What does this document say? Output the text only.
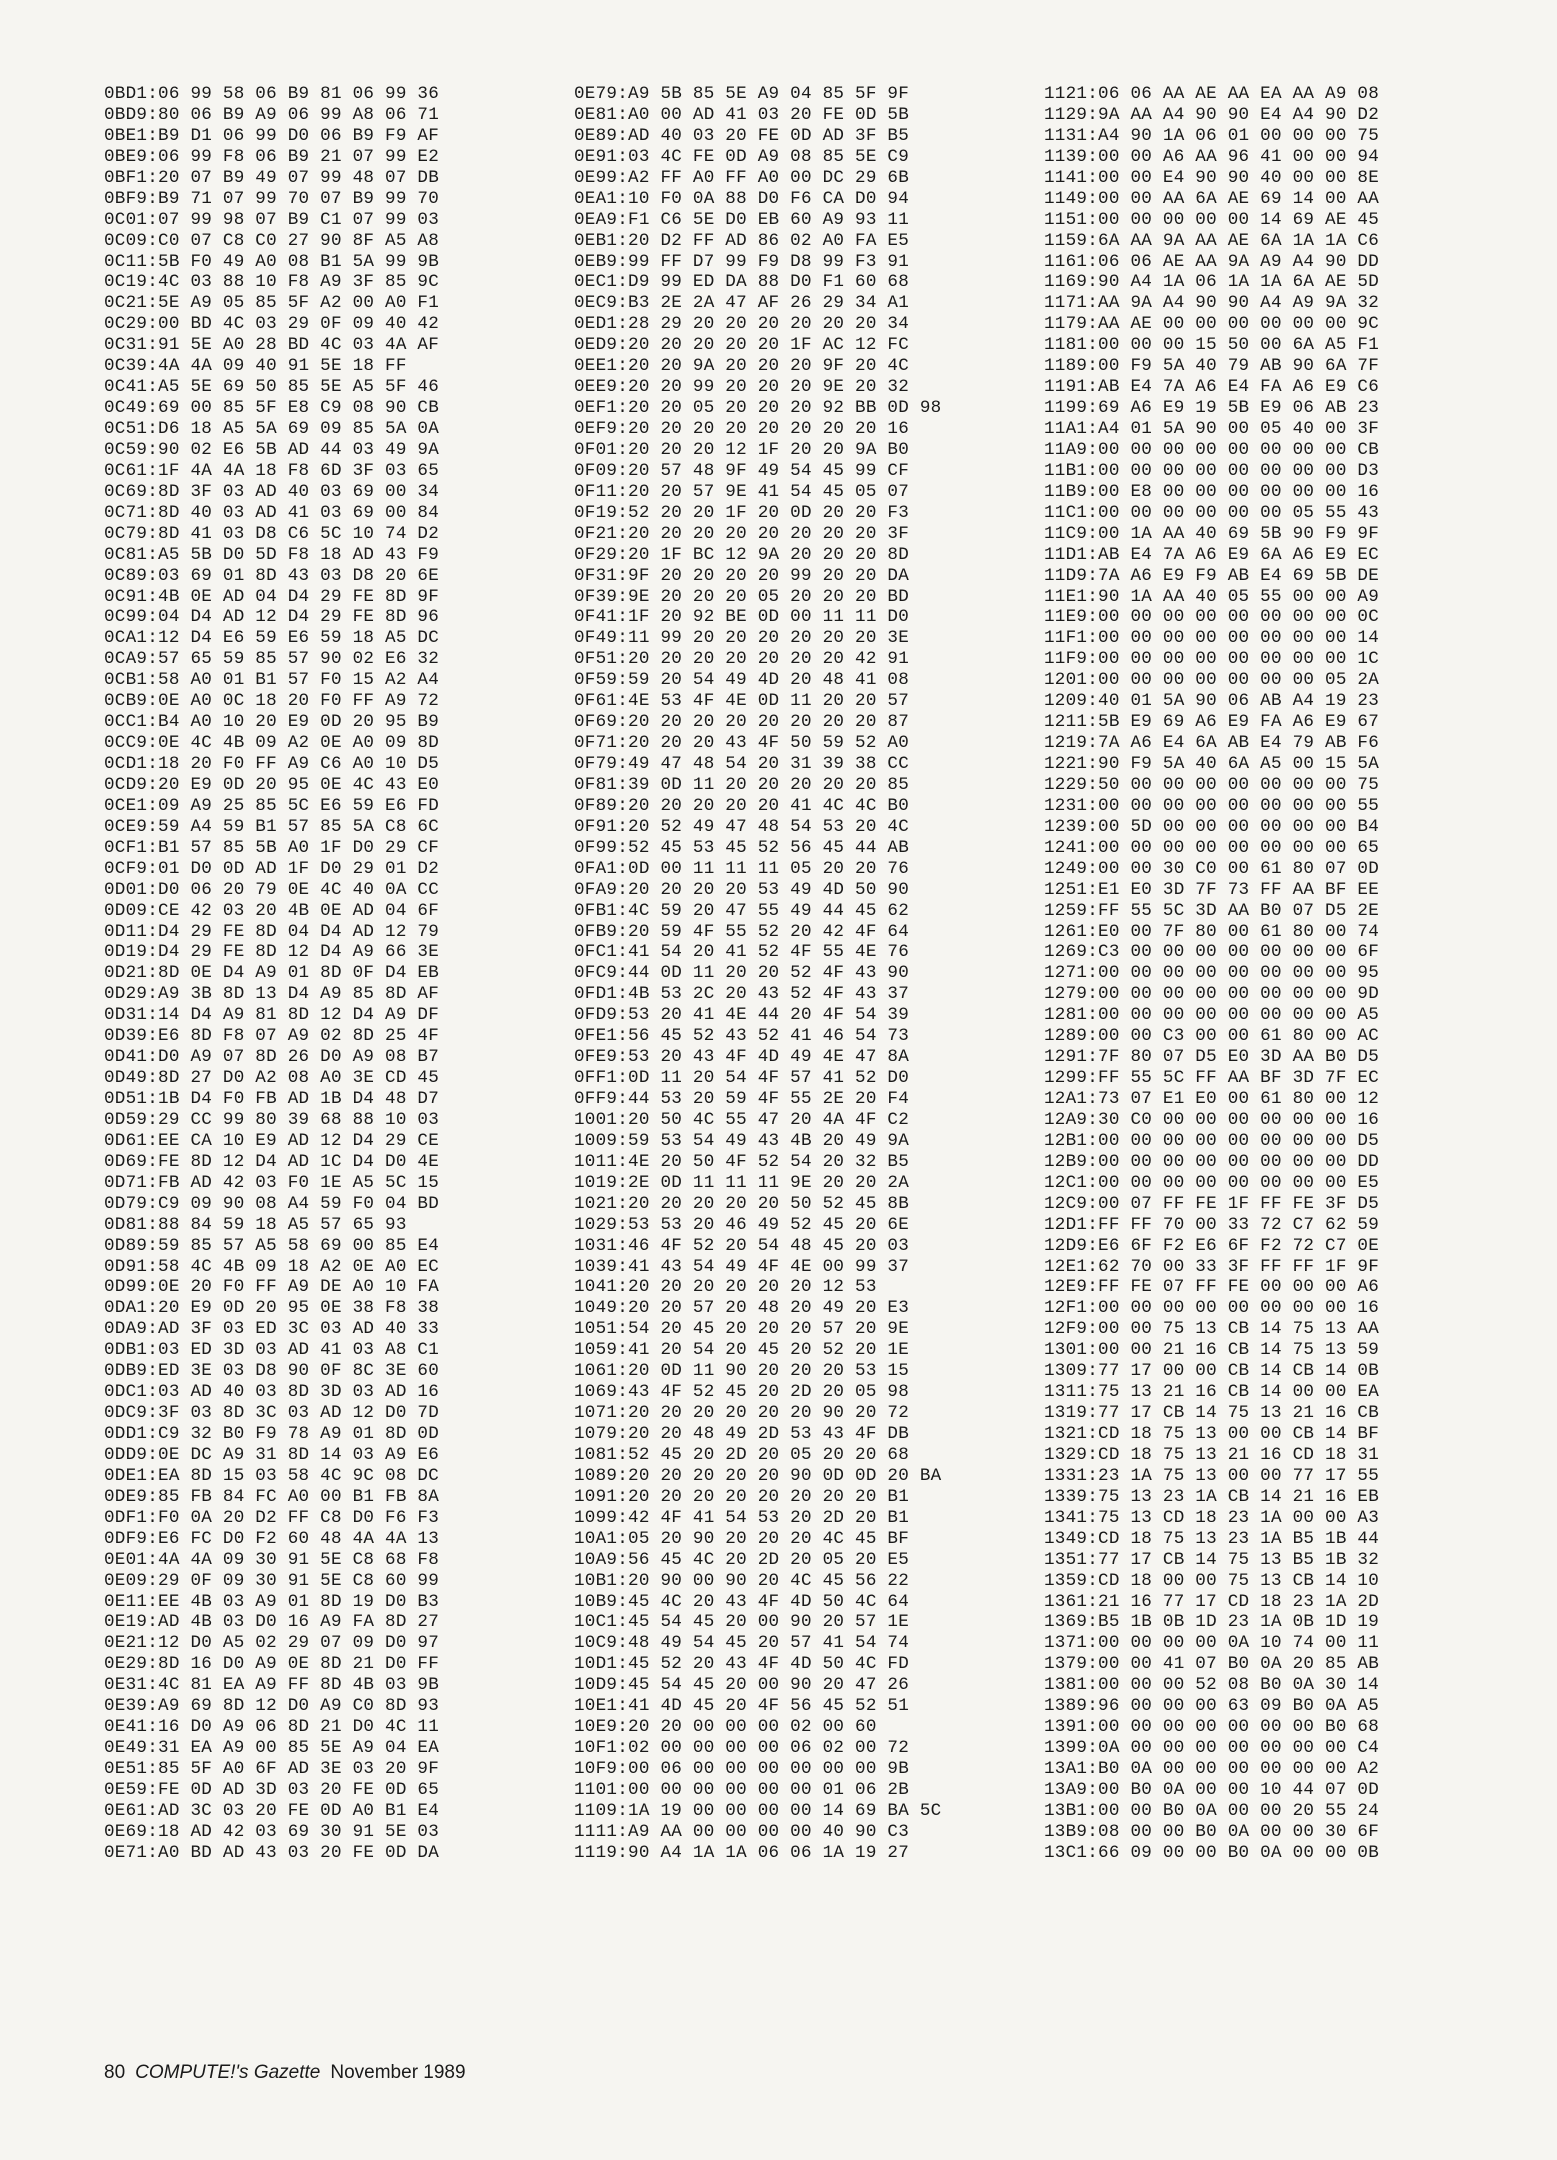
0BD1:06 99 58 06 B9 81 06 99 36
0BD9:80 06 B9 A9 06 99 A8 06 71
0BE1:B9 D1 06 99 D0 06 B9 F9 AF
0BE9:06 99 F8 06 B9 21 07 99 E2
0BF1:20 07 B9 49 07 99 48 07 DB
0BF9:B9 71 07 99 70 07 B9 99 70
0C01:07 99 98 07 B9 C1 07 99 03
0C09:C0 07 C8 C0 27 90 8F A5 A8
0C11:5B F0 49 A0 08 B1 5A 99 9B
0C19:4C 03 88 10 F8 A9 3F 85 9C
0C21:5E A9 05 85 5F A2 00 A0 F1
0C29:00 BD 4C 03 29 0F 09 40 42
0C31:91 5E A0 28 BD 4C 03 4A AF
0C39:4A 4A 09 40 91 5E 18 FF
0C41:A5 5E 69 50 85 5E A5 5F 46
0C49:69 00 85 5F E8 C9 08 90 CB
0C51:D6 18 A5 5A 69 09 85 5A 0A
0C59:90 02 E6 5B AD 44 03 49 9A
0C61:1F 4A 4A 18 F8 6D 3F 03 65
0C69:8D 3F 03 AD 40 03 69 00 34
0C71:8D 40 03 AD 41 03 69 00 84
0C79:8D 41 03 D8 C6 5C 10 74 D2
0C81:A5 5B D0 5D F8 18 AD 43 F9
0C89:03 69 01 8D 43 03 D8 20 6E
0C91:4B 0E AD 04 D4 29 FE 8D 9F
0C99:04 D4 AD 12 D4 29 FE 8D 96
0CA1:12 D4 E6 59 E6 59 18 A5 DC
0CA9:57 65 59 85 57 90 02 E6 32
0CB1:58 A0 01 B1 57 F0 15 A2 A4
0CB9:0E A0 0C 18 20 F0 FF A9 72
0CC1:B4 A0 10 20 E9 0D 20 95 B9
0CC9:0E 4C 4B 09 A2 0E A0 09 8D
0CD1:18 20 F0 FF A9 C6 A0 10 D5
0CD9:20 E9 0D 20 95 0E 4C 43 E0
0CE1:09 A9 25 85 5C E6 59 E6 FD
0CE9:59 A4 59 B1 57 85 5A C8 6C
0CF1:B1 57 85 5B A0 1F D0 29 CF
0CF9:01 D0 0D AD 1F D0 29 01 D2
0D01:D0 06 20 79 0E 4C 40 0A CC
0D09:CE 42 03 20 4B 0E AD 04 6F
0D11:D4 29 FE 8D 04 D4 AD 12 79
0D19:D4 29 FE 8D 12 D4 A9 66 3E
0D21:8D 0E D4 A9 01 8D 0F D4 EB
0D29:A9 3B 8D 13 D4 A9 85 8D AF
0D31:14 D4 A9 81 8D 12 D4 A9 DF
0D39:E6 8D F8 07 A9 02 8D 25 4F
0D41:D0 A9 07 8D 26 D0 A9 08 B7
0D49:8D 27 D0 A2 08 A0 3E CD 45
0D51:1B D4 F0 FB AD 1B D4 48 D7
0D59:29 CC 99 80 39 68 88 10 03
0D61:EE CA 10 E9 AD 12 D4 29 CE
0D69:FE 8D 12 D4 AD 1C D4 D0 4E
0D71:FB AD 42 03 F0 1E A5 5C 15
0D79:C9 09 90 08 A4 59 F0 04 BD
0D81:88 84 59 18 A5 57 65 93
0D89:59 85 57 A5 58 69 00 85 E4
0D91:58 4C 4B 09 18 A2 0E A0 EC
0D99:0E 20 F0 FF A9 DE A0 10 FA
0DA1:20 E9 0D 20 95 0E 38 F8 38
0DA9:AD 3F 03 ED 3C 03 AD 40 33
0DB1:03 ED 3D 03 AD 41 03 A8 C1
0DB9:ED 3E 03 D8 90 0F 8C 3E 60
0DC1:03 AD 40 03 8D 3D 03 AD 16
0DC9:3F 03 8D 3C 03 AD 12 D0 7D
0DD1:C9 32 B0 F9 78 A9 01 8D 0D
0DD9:0E DC A9 31 8D 14 03 A9 E6
0DE1:EA 8D 15 03 58 4C 9C 08 DC
0DE9:85 FB 84 FC A0 00 B1 FB 8A
0DF1:F0 0A 20 D2 FF C8 D0 F6 F3
0DF9:E6 FC D0 F2 60 48 4A 4A 13
0E01:4A 4A 09 30 91 5E C8 68 F8
0E09:29 0F 09 30 91 5E C8 60 99
0E11:EE 4B 03 A9 01 8D 19 D0 B3
0E19:AD 4B 03 D0 16 A9 FA 8D 27
0E21:12 D0 A5 02 29 07 09 D0 97
0E29:8D 16 D0 A9 0E 8D 21 D0 FF
0E31:4C 81 EA A9 FF 8D 4B 03 9B
0E39:A9 69 8D 12 D0 A9 C0 8D 93
0E41:16 D0 A9 06 8D 21 D0 4C 11
0E49:31 EA A9 00 85 5E A9 04 EA
0E51:85 5F A0 6F AD 3E 03 20 9F
0E59:FE 0D AD 3D 03 20 FE 0D 65
0E61:AD 3C 03 20 FE 0D A0 B1 E4
0E69:18 AD 42 03 69 30 91 5E 03
0E71:A0 BD AD 43 03 20 FE 0D DA
0E79:A9 5B 85 5E A9 04 85 5F 9F
0E81:A0 00 AD 41 03 20 FE 0D 5B
0E89:AD 40 03 20 FE 0D AD 3F B5
0E91:03 4C FE 0D A9 08 85 5E C9
0E99:A2 FF A0 FF A0 00 DC 29 6B
0EA1:10 F0 0A 88 D0 F6 CA D0 94
0EA9:F1 C6 5E D0 EB 60 A9 93 11
0EB1:20 D2 FF AD 86 02 A0 FA E5
0EB9:99 FF D7 99 F9 D8 99 F3 91
0EC1:D9 99 ED DA 88 D0 F1 60 68
0EC9:B3 2E 2A 47 AF 26 29 34 A1
0ED1:28 29 20 20 20 20 20 20 34
0ED9:20 20 20 20 20 1F AC 12 FC
0EE1:20 20 9A 20 20 20 9F 20 4C
0EE9:20 20 99 20 20 20 9E 20 32
0EF1:20 20 05 20 20 20 92 BB 0D 98
0EF9:20 20 20 20 20 20 20 20 16
0F01:20 20 20 12 1F 20 20 9A B0
0F09:20 57 48 9F 49 54 45 99 CF
0F11:20 20 57 9E 41 54 45 05 07
0F19:52 20 20 1F 20 0D 20 20 F3
0F21:20 20 20 20 20 20 20 20 3F
0F29:20 1F BC 12 9A 20 20 20 8D
0F31:9F 20 20 20 20 99 20 20 DA
0F39:9E 20 20 20 05 20 20 20 BD
0F41:1F 20 92 BE 0D 00 11 11 D0
0F49:11 99 20 20 20 20 20 20 3E
0F51:20 20 20 20 20 20 20 42 91
0F59:59 20 54 49 4D 20 48 41 08
0F61:4E 53 4F 4E 0D 11 20 20 57
0F69:20 20 20 20 20 20 20 20 87
0F71:20 20 20 43 4F 50 59 52 A0
0F79:49 47 48 54 20 31 39 38 CC
0F81:39 0D 11 20 20 20 20 20 85
0F89:20 20 20 20 20 41 4C 4C B0
0F91:20 52 49 47 48 54 53 20 4C
0F99:52 45 53 45 52 56 45 44 AB
0FA1:0D 00 11 11 11 05 20 20 76
0FA9:20 20 20 20 53 49 4D 50 90
0FB1:4C 59 20 47 55 49 44 45 62
0FB9:20 59 4F 55 52 20 42 4F 64
0FC1:41 54 20 41 52 4F 55 4E 76
0FC9:44 0D 11 20 20 52 4F 43 90
0FD1:4B 53 2C 20 43 52 4F 43 37
0FD9:53 20 41 4E 44 20 4F 54 39
0FE1:56 45 52 43 52 41 46 54 73
0FE9:53 20 43 4F 4D 49 4E 47 8A
0FF1:0D 11 20 54 4F 57 41 52 D0
0FF9:44 53 20 59 4F 55 2E 20 F4
1001:20 50 4C 55 47 20 4A 4F C2
1009:59 53 54 49 43 4B 20 49 9A
1011:4E 20 50 4F 52 54 20 32 B5
1019:2E 0D 11 11 11 9E 20 20 2A
1021:20 20 20 20 20 50 52 45 8B
1029:53 53 20 46 49 52 45 20 6E
1031:46 4F 52 20 54 48 45 20 03
1039:41 43 54 49 4F 4E 00 99 37
1041:20 20 20 20 20 20 12 53
1049:20 20 57 20 48 20 49 20 E3
1051:54 20 45 20 20 20 57 20 9E
1059:41 20 54 20 45 20 52 20 1E
1061:20 0D 11 90 20 20 20 53 15
1069:43 4F 52 45 20 2D 20 05 98
1071:20 20 20 20 20 20 90 20 72
1079:20 20 48 49 2D 53 43 4F DB
1081:52 45 20 2D 20 05 20 20 68
1089:20 20 20 20 20 90 0D 0D 20 BA
1091:20 20 20 20 20 20 20 20 B1
1099:42 4F 41 54 53 20 2D 20 B1
10A1:05 20 90 20 20 20 4C 45 BF
10A9:56 45 4C 20 2D 20 05 20 E5
10B1:20 90 00 90 20 4C 45 56 22
10B9:45 4C 20 43 4F 4D 50 4C 64
10C1:45 54 45 20 00 90 20 57 1E
10C9:48 49 54 45 20 57 41 54 74
10D1:45 52 20 43 4F 4D 50 4C FD
10D9:45 54 45 20 00 90 20 47 26
10E1:41 4D 45 20 4F 56 45 52 51
10E9:20 20 00 00 00 02 00 60
10F1:02 00 00 00 00 06 02 00 72
10F9:00 06 00 00 00 00 00 00 9B
1101:00 00 00 00 00 00 01 06 2B
1109:1A 19 00 00 00 00 14 69 BA 5C
1111:A9 AA 00 00 00 00 40 90 C3
1119:90 A4 1A 1A 06 06 1A 19 27
1121:06 06 AA AE AA EA AA A9 08
1129:9A AA A4 90 90 E4 A4 90 D2
1131:A4 90 1A 06 01 00 00 00 75
1139:00 00 A6 AA 96 41 00 00 94
1141:00 00 E4 90 90 40 00 00 8E
1149:00 00 AA 6A AE 69 14 00 AA
1151:00 00 00 00 00 14 69 AE 45
1159:6A AA 9A AA AE 6A 1A 1A C6
1161:06 06 AE AA 9A A9 A4 90 DD
1169:90 A4 1A 06 1A 1A 6A AE 5D
1171:AA 9A A4 90 90 A4 A9 9A 32
1179:AA AE 00 00 00 00 00 00 9C
1181:00 00 00 15 50 00 6A A5 F1
1189:00 F9 5A 40 79 AB 90 6A 7F
1191:AB E4 7A A6 E4 FA A6 E9 C6
1199:69 A6 E9 19 5B E9 06 AB 23
11A1:A4 01 5A 90 00 05 40 00 3F
11A9:00 00 00 00 00 00 00 00 CB
11B1:00 00 00 00 00 00 00 00 D3
11B9:00 E8 00 00 00 00 00 00 16
11C1:00 00 00 00 00 00 05 55 43
11C9:00 1A AA 40 69 5B 90 F9 9F
11D1:AB E4 7A A6 E9 6A A6 E9 EC
11D9:7A A6 E9 F9 AB E4 69 5B DE
11E1:90 1A AA 40 05 55 00 00 A9
11E9:00 00 00 00 00 00 00 00 0C
11F1:00 00 00 00 00 00 00 00 14
11F9:00 00 00 00 00 00 00 00 1C
1201:00 00 00 00 00 00 00 05 2A
1209:40 01 5A 90 06 AB A4 19 23
1211:5B E9 69 A6 E9 FA A6 E9 67
1219:7A A6 E4 6A AB E4 79 AB F6
1221:90 F9 5A 40 6A A5 00 15 5A
1229:50 00 00 00 00 00 00 00 75
1231:00 00 00 00 00 00 00 00 55
1239:00 5D 00 00 00 00 00 00 B4
1241:00 00 00 00 00 00 00 00 65
1249:00 00 30 C0 00 61 80 07 0D
1251:E1 E0 3D 7F 73 FF AA BF EE
1259:FF 55 5C 3D AA B0 07 D5 2E
1261:E0 00 7F 80 00 61 80 00 74
1269:C3 00 00 00 00 00 00 00 6F
1271:00 00 00 00 00 00 00 00 95
1279:00 00 00 00 00 00 00 00 9D
1281:00 00 00 00 00 00 00 00 A5
1289:00 00 C3 00 00 61 80 00 AC
1291:7F 80 07 D5 E0 3D AA B0 D5
1299:FF 55 5C FF AA BF 3D 7F EC
12A1:73 07 E1 E0 00 61 80 00 12
12A9:30 C0 00 00 00 00 00 00 16
12B1:00 00 00 00 00 00 00 00 D5
12B9:00 00 00 00 00 00 00 00 DD
12C1:00 00 00 00 00 00 00 00 E5
12C9:00 07 FF FE 1F FF FE 3F D5
12D1:FF FF 70 00 33 72 C7 62 59
12D9:E6 6F F2 E6 6F F2 72 C7 0E
12E1:62 70 00 33 3F FF FF 1F 9F
12E9:FF FE 07 FF FE 00 00 00 A6
12F1:00 00 00 00 00 00 00 00 16
12F9:00 00 75 13 CB 14 75 13 AA
1301:00 00 21 16 CB 14 75 13 59
1309:77 17 00 00 CB 14 CB 14 0B
1311:75 13 21 16 CB 14 00 00 EA
1319:77 17 CB 14 75 13 21 16 CB
1321:CD 18 75 13 00 00 CB 14 BF
1329:CD 18 75 13 21 16 CD 18 31
1331:23 1A 75 13 00 00 77 17 55
1339:75 13 23 1A CB 14 21 16 EB
1341:75 13 CD 18 23 1A 00 00 A3
1349:CD 18 75 13 23 1A B5 1B 44
1351:77 17 CB 14 75 13 B5 1B 32
1359:CD 18 00 00 75 13 CB 14 10
1361:21 16 77 17 CD 18 23 1A 2D
1369:B5 1B 0B 1D 23 1A 0B 1D 19
1371:00 00 00 00 0A 10 74 00 11
1379:00 00 41 07 B0 0A 20 85 AB
1381:00 00 00 52 08 B0 0A 30 14
1389:96 00 00 00 63 09 B0 0A A5
1391:00 00 00 00 00 00 00 B0 68
1399:0A 00 00 00 00 00 00 00 C4
13A1:B0 0A 00 00 00 00 00 00 A2
13A9:00 B0 0A 00 00 10 44 07 0D
13B1:00 00 B0 0A 00 00 20 55 24
13B9:08 00 00 B0 0A 00 00 30 6F
13C1:66 09 00 00 B0 0A 00 00 0B
80 COMPUTE!'s Gazette November 1989
